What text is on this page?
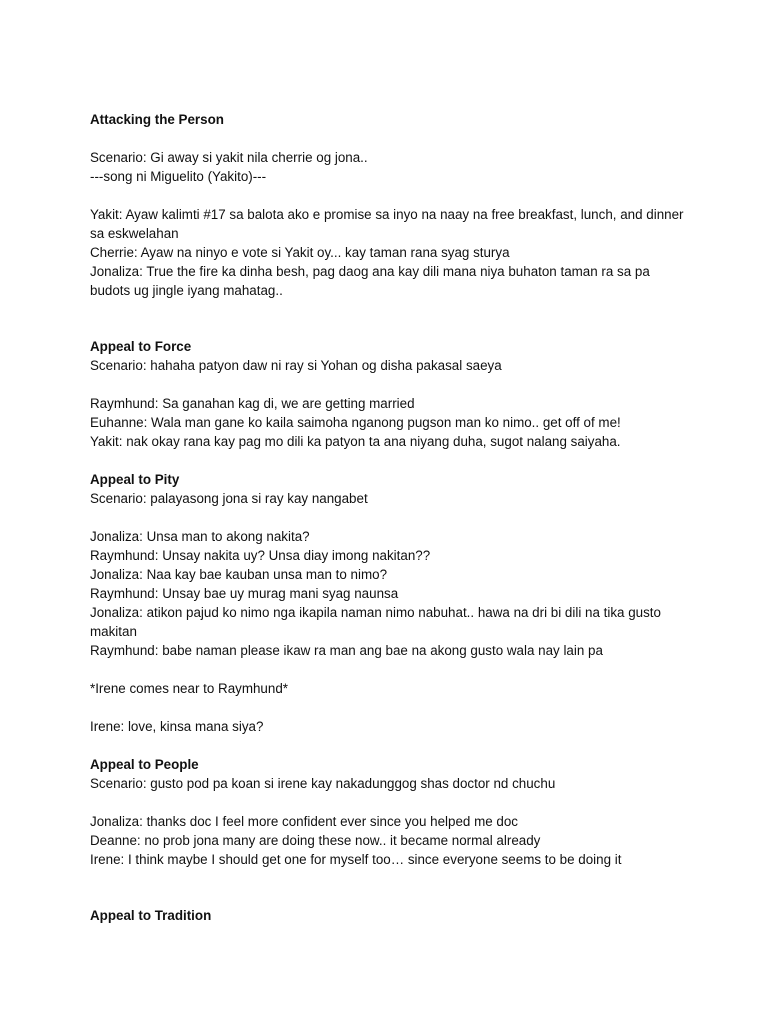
Attacking the Person

Scenario: Gi away si yakit nila cherrie og jona..

---song ni Miguelito (Yakito)---

Yakit: Ayaw kalimti #17 sa balota ako e promise sa inyo na naay na free breakfast, lunch, and dinner sa eskwelahan

Cherrie: Ayaw na ninyo e vote si Yakit oy... kay taman rana syag sturya

Jonaliza: True the fire ka dinha besh, pag daog ana kay dili mana niya buhaton taman ra sa pa budots ug jingle iyang mahatag..

Appeal to Force

Scenario: hahaha patyon daw ni ray si Yohan og disha pakasal saeya

Raymhund: Sa ganahan kag di, we are getting married

Euhanne: Wala man gane ko kaila saimoha nganong pugson man ko nimo.. get off of me!

Yakit: nak okay rana kay pag mo dili ka patyon ta ana niyang duha, sugot nalang saiyaha.

Appeal to Pity

Scenario: palayasong jona si ray kay nangabet

Jonaliza: Unsa man to akong nakita?

Raymhund: Unsay nakita uy? Unsa diay imong nakitan??

Jonaliza: Naa kay bae kauban unsa man to nimo?

Raymhund: Unsay bae uy murag mani syag naunsa

Jonaliza: atikon pajud ko nimo nga ikapila naman nimo nabuhat.. hawa na dri bi dili na tika gusto makitan

Raymhund: babe naman please ikaw ra man ang bae na akong gusto wala nay lain pa

*Irene comes near to Raymhund*

Irene: love, kinsa mana siya?

Appeal to People

Scenario: gusto pod pa koan si irene kay nakadunggog shas doctor nd chuchu

Jonaliza: thanks doc I feel more confident ever since you helped me doc

Deanne: no prob jona many are doing these now.. it became normal already

Irene: I think maybe I should get one for myself too… since everyone seems to be doing it

Appeal to Tradition
